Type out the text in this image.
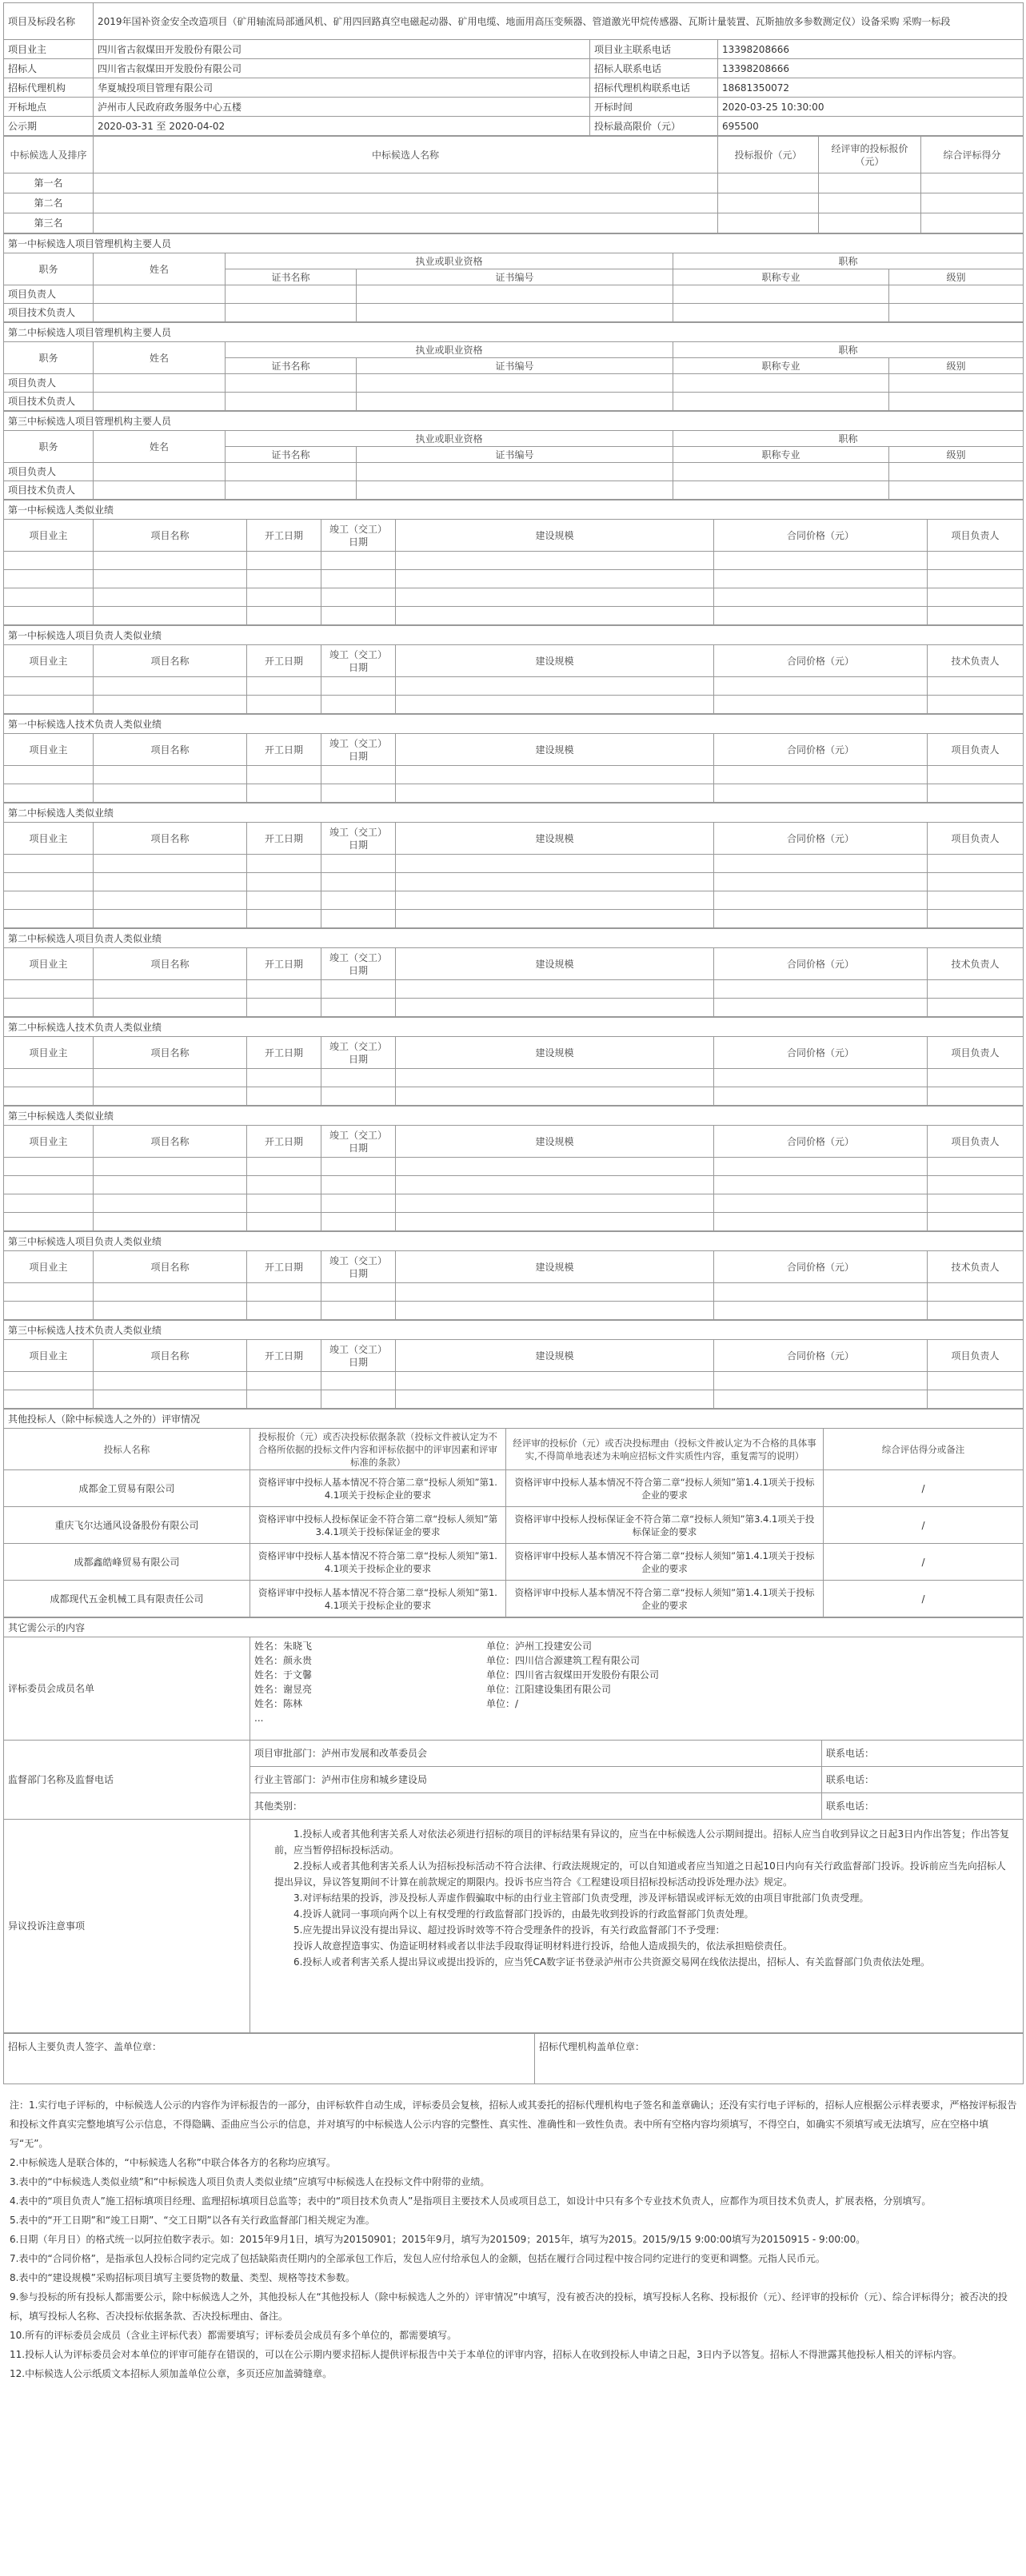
项目及标段名称	2019年国补资金安全改造项目（矿用轴流局部通风机、矿用四回路真空电磁起动器、矿用电缆、地面用高压变频器、管道激光甲烷传感器、瓦斯计量装置、瓦斯抽放多参数测定仪）设备采购 采购一标段		
项目业主	四川省古叙煤田开发股份有限公司	项目业主联系电话	13398208666
招标人	四川省古叙煤田开发股份有限公司	招标人联系电话	13398208666
招标代理机构	华夏城投项目管理有限公司	招标代理机构联系电话	18681350072
开标地点	泸州市人民政府政务服务中心五楼	开标时间	2020-03-25 10:30:00
公示期	2020-03-31 至 2020-04-02	投标最高限价（元）	695500
中标候选人及排序	中标候选人名称	投标报价（元）	经评审的投标报价（元）	综合评标得分
第一名				
第二名				
第三名				
第一中标候选人项目管理机构主要人员					
职务	姓名	执业或职业资格		职称	
		证书名称	证书编号	职称专业	级别
项目负责人					
项目技术负责人					
第二中标候选人项目管理机构主要人员					
职务	姓名	执业或职业资格		职称	
		证书名称	证书编号	职称专业	级别
项目负责人					
项目技术负责人					
第三中标候选人项目管理机构主要人员					
职务	姓名	执业或职业资格		职称	
		证书名称	证书编号	职称专业	级别
项目负责人					
项目技术负责人					
第一中标候选人类似业绩						
项目业主	项目名称	开工日期	竣工（交工）日期	建设规模	合同价格（元）	项目负责人

第一中标候选人项目负责人类似业绩						
项目业主	项目名称	开工日期	竣工（交工）日期	建设规模	合同价格（元）	技术负责人

第一中标候选人技术负责人类似业绩						
项目业主	项目名称	开工日期	竣工（交工）日期	建设规模	合同价格（元）	项目负责人

第二中标候选人类似业绩						
项目业主	项目名称	开工日期	竣工（交工）日期	建设规模	合同价格（元）	项目负责人

第二中标候选人项目负责人类似业绩						
项目业主	项目名称	开工日期	竣工（交工）日期	建设规模	合同价格（元）	技术负责人

第二中标候选人技术负责人类似业绩						
项目业主	项目名称	开工日期	竣工（交工）日期	建设规模	合同价格（元）	项目负责人

第三中标候选人类似业绩						
项目业主	项目名称	开工日期	竣工（交工）日期	建设规模	合同价格（元）	项目负责人

第三中标候选人项目负责人类似业绩						
项目业主	项目名称	开工日期	竣工（交工）日期	建设规模	合同价格（元）	技术负责人

第三中标候选人技术负责人类似业绩						
项目业主	项目名称	开工日期	竣工（交工）日期	建设规模	合同价格（元）	项目负责人

其他投标人（除中标候选人之外的）评审情况			
投标人名称	投标报价（元）或否决投标依据条款（投标文件被认定为不合格所依据的投标文件内容和评标依据中的评审因素和评审标准的条款）	经评审的投标价（元）或否决投标理由（投标文件被认定为不合格的具体事实,不得简单地表述为未响应招标文件实质性内容，重复需写的说明）	综合评估得分或备注
成都金工贸易有限公司	资格评审中投标人基本情况不符合第二章“投标人须知”第1.4.1项关于投标企业的要求	资格评审中投标人基本情况不符合第二章“投标人须知”第1.4.1项关于投标企业的要求	/
重庆飞尔达通风设备股份有限公司	资格评审中投标人投标保证金不符合第二章“投标人须知”第3.4.1项关于投标保证金的要求	资格评审中投标人投标保证金不符合第二章“投标人须知”第3.4.1项关于投标保证金的要求	/
成都鑫皓峰贸易有限公司	资格评审中投标人基本情况不符合第二章“投标人须知”第1.4.1项关于投标企业的要求	资格评审中投标人基本情况不符合第二章“投标人须知”第1.4.1项关于投标企业的要求	/
成都现代五金机械工具有限责任公司	资格评审中投标人基本情况不符合第二章“投标人须知”第1.4.1项关于投标企业的要求	资格评审中投标人基本情况不符合第二章“投标人须知”第1.4.1项关于投标企业的要求	/
其它需公示的内容
评标委员会成员名单	
姓名：朱晓飞	单位：泸州工投建安公司
姓名：颜永贵	单位：四川信合源建筑工程有限公司
姓名：于文馨	单位：四川省古叙煤田开发股份有限公司
姓名：谢昱亮	单位：江阳建设集团有限公司
姓名：陈林	单位：/
...

监督部门名称及监督电话	项目审批部门：泸州市发展和改革委员会	联系电话：
行业主管部门：泸州市住房和城乡建设局	联系电话：
其他类别：	联系电话：
异议投诉注意事项	
1.投标人或者其他利害关系人对依法必须进行招标的项目的评标结果有异议的，应当在中标候选人公示期间提出。招标人应当自收到异议之日起3日内作出答复；作出答复前，应当暂停招标投标活动。
2.投标人或者其他利害关系人认为招标投标活动不符合法律、行政法规规定的，可以自知道或者应当知道之日起10日内向有关行政监督部门投诉。投诉前应当先向招标人提出异议，异议答复期间不计算在前款规定的期限内。投诉书应当符合《工程建设项目招标投标活动投诉处理办法》规定。
3.对评标结果的投诉，涉及投标人弄虚作假骗取中标的由行业主管部门负责受理，涉及评标错误或评标无效的由项目审批部门负责受理。
4.投诉人就同一事项向两个以上有权受理的行政监督部门投诉的，由最先收到投诉的行政监督部门负责处理。
5.应先提出异议没有提出异议、超过投诉时效等不符合受理条件的投诉，有关行政监督部门不予受理：
投诉人故意捏造事实、伪造证明材料或者以非法手段取得证明材料进行投诉，给他人造成损失的，依法承担赔偿责任。
6.投标人或者利害关系人提出异议或提出投诉的，应当凭CA数字证书登录泸州市公共资源交易网在线依法提出，招标人、有关监督部门负责依法处理。
招标人主要负责人签字、盖单位章：	招标代理机构盖单位章：
注：1.实行电子评标的，中标候选人公示的内容作为评标报告的一部分，由评标软件自动生成，评标委员会复核，招标人或其委托的招标代理机构电子签名和盖章确认；还没有实行电子评标的，招标人应根据公示样表要求，严格按评标报告和投标文件真实完整地填写公示信息，不得隐瞒、歪曲应当公示的信息，并对填写的中标候选人公示内容的完整性、真实性、准确性和一致性负责。表中所有空格内容均须填写，不得空白，如确实不须填写或无法填写，应在空格中填写“无”。
2.中标候选人是联合体的，“中标候选人名称”中联合体各方的名称均应填写。
3.表中的“中标候选人类似业绩”和“中标候选人项目负责人类似业绩”应填写中标候选人在投标文件中附带的业绩。
4.表中的“项目负责人”施工招标填项目经理、监理招标填项目总监等；表中的“项目技术负责人”是指项目主要技术人员或项目总工，如设计中只有多个专业技术负责人，应都作为项目技术负责人，扩展表格，分别填写。
5.表中的“开工日期”和“竣工日期”、“交工日期”以各有关行政监督部门相关规定为准。
6.日期（年月日）的格式统一以阿拉伯数字表示。如：2015年9月1日，填写为20150901；2015年9月，填写为201509；2015年，填写为2015。2015/9/15 9:00:00填写为20150915 - 9:00:00。
7.表中的“合同价格”，是指承包人投标合同约定完成了包括缺陷责任期内的全部承包工作后，发包人应付给承包人的金额，包括在履行合同过程中按合同约定进行的变更和调整。元指人民币元。
8.表中的“建设规模”采购招标项目填写主要货物的数量、类型、规格等技术参数。
9.参与投标的所有投标人都需要公示，除中标候选人之外，其他投标人在“其他投标人（除中标候选人之外的）评审情况”中填写，没有被否决的投标，填写投标人名称、投标报价（元）、经评审的投标价（元）、综合评标得分；被否决的投标，填写投标人名称、否决投标依据条款、否决投标理由、备注。
10.所有的评标委员会成员（含业主评标代表）都需要填写；评标委员会成员有多个单位的，都需要填写。
11.投标人认为评标委员会对本单位的评审可能存在错误的，可以在公示期内要求招标人提供评标报告中关于本单位的评审内容，招标人在收到投标人申请之日起，3日内予以答复。招标人不得泄露其他投标人相关的评标内容。
12.中标候选人公示纸质文本招标人须加盖单位公章，多页还应加盖骑缝章。
